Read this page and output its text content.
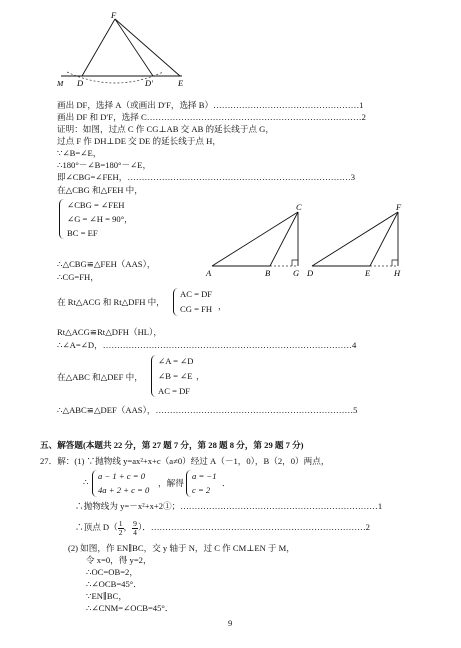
F
M D	D′	E
画出 DF，选择 A（或画出 D′F，选择 B）……………………………………………1
画出 DF 和 D′F，选择 C…………………………………………………………………2
证明：如图，过点 C 作 CG⊥AB 交 AB 的延长线于点 G，
过点 F 作 DH⊥DE 交 DE 的延长线于点 H，
∵∠B=∠E，
∴180°－∠B=180°－∠E，
即∠CBG=∠FEH，……………………………………………………………………3
在△CBG 和△FEH 中，
∠CBG = ∠FEH
∠G = ∠H = 90°，
BC = EF
A	B	G
C
D	E	H
F
∴△CBG≌△FEH（AAS），
∴CG=FH，
在 Rt△ACG 和 Rt△DFH 中，
AC = DF
CG = FH ，
Rt△ACG≌Rt△DFH（HL），
∴∠A=∠D，……………………………………………………………………………4
在△ABC 和△DEF 中，
∠A = ∠D
∠B = ∠E
AC = DF
，
∴△ABC≌△DEF（AAS），……………………………………………………………5
五、解答题(本题共 22 分，第 27 题 7 分，第 28 题 8 分，第 29 题 7 分)
27．解：(1) ∵抛物线 y=ax²+x+c（a≠0）经过 A（－1，0），B（2，0）两点，
∴
a − 1 + c = 0
4a + 2 + c = 0
，解得
a = −1
c = 2
．
∴抛物线为 y=－x²+x+2①；……………………………………………………………1
∴顶点 $D( \frac{1}{2}$ ， $\frac{9}{4}$ ）．…………………………………………………………………2
(2) 如图，作 EN∥BC，交 y 轴于 N，过 C 作 CM⊥EN 于 M，
令 x=0，得 y=2，
∴OC=OB=2，
∴∠OCB=45°．
∵EN∥BC，
∴∠CNM=∠OCB=45°．
9
